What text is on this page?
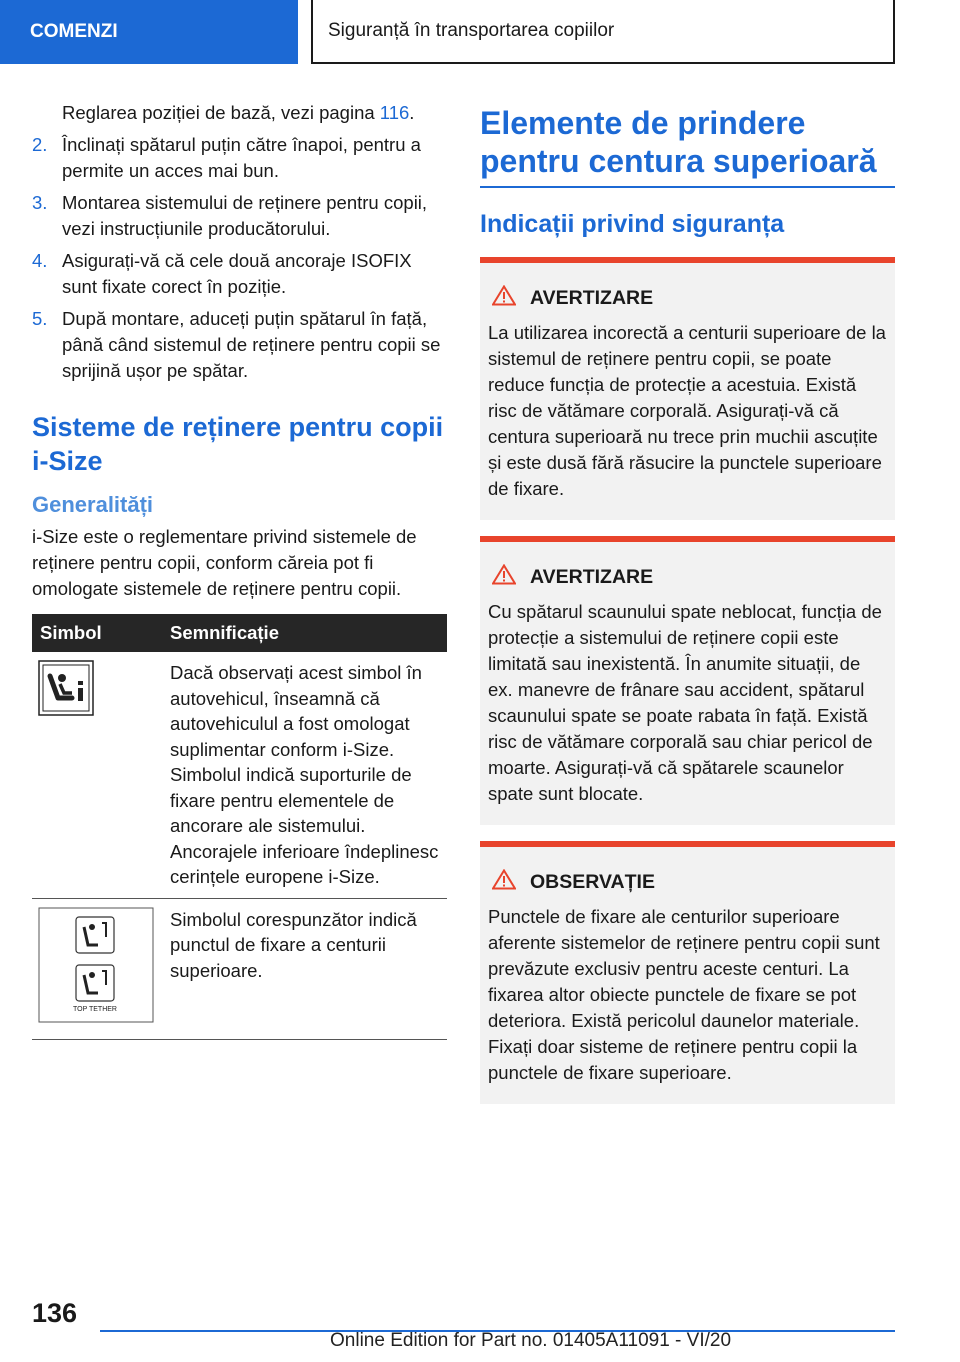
COMENZI	Siguranță în transportarea copiilor
Reglarea poziției de bază, vezi pagina 116.
2. Înclinați spătarul puțin către înapoi, pentru a permite un acces mai bun.
3. Montarea sistemului de reținere pentru copii, vezi instrucțiunile producătorului.
4. Asigurați-vă că cele două ancoraje ISOFIX sunt fixate corect în poziție.
5. După montare, aduceți puțin spătarul în față, până când sistemul de reținere pentru copii se sprijină ușor pe spătar.
Sisteme de reținere pentru copii i-Size
Generalități
i-Size este o reglementare privind sistemele de reținere pentru copii, conform căreia pot fi omologate sistemele de reținere pentru copii.
Simbol	Semnificație
	Dacă observați acest simbol în autovehicul, înseamnă că autovehiculul a fost omologat suplimentar conform i-Size. Simbolul indică suporturile de fixare pentru elementele de ancorare ale sistemului. Ancorajele inferioare îndeplinesc cerințele europene i-Size.

TOP TETHER	Simbolul corespunzător indică punctul de fixare a centurii superioare.
Elemente de prindere pentru centura superioară
Indicații privind siguranța
AVERTIZARE
La utilizarea incorectă a centurii superioare de la sistemul de reținere pentru copii, se poate reduce funcția de protecție a acestuia. Există risc de vătămare corporală. Asigurați-vă că centura superioară nu trece prin muchii ascuțite și este dusă fără răsucire la punctele superioare de fixare.
AVERTIZARE
Cu spătarul scaunului spate neblocat, funcția de protecție a sistemului de reținere copii este limitată sau inexistentă. În anumite situații, de ex. manevre de frânare sau accident, spătarul scaunului spate se poate rabata în față. Există risc de vătămare corporală sau chiar pericol de moarte. Asigurați-vă că spătarele scaunelor spate sunt blocate.
OBSERVAȚIE
Punctele de fixare ale centurilor superioare aferente sistemelor de reținere pentru copii sunt prevăzute exclusiv pentru aceste centuri. La fixarea altor obiecte punctele de fixare se pot deteriora. Există pericolul daunelor materiale. Fixați doar sisteme de reținere pentru copii la punctele de fixare superioare.
136
Online Edition for Part no. 01405A11091 - VI/20
